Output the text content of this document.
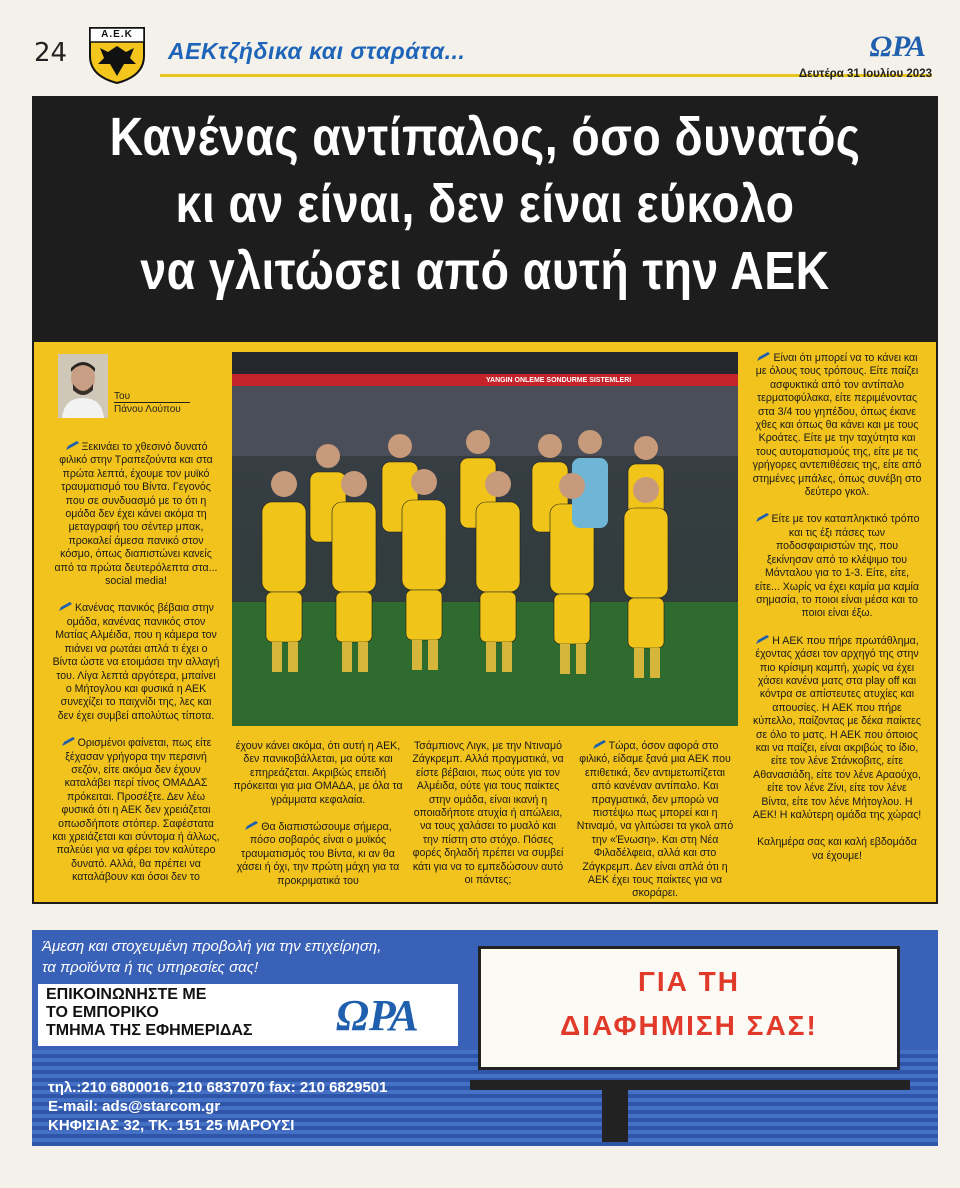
24
Α.Ε.Κ
ΑΕΚτζήδικα και σταράτα...	ΩΡΑ
Δευτέρα 31 Ιουλίου 2023
Κανένας αντίπαλος, όσο δυνατός
κι αν είναι, δεν είναι εύκολο
να γλιτώσει από αυτή την ΑΕΚ
Του
Πάνου Λούπου

Ξεκινάει το χθεσινό δυνατό φιλικό στην Τραπεζούντα και στα πρώτα λεπτά, έχουμε τον μυϊκό τραυματισμό του Βίντα. Γεγονός που σε συνδυασμό με το ότι η ομάδα δεν έχει κάνει ακόμα τη μεταγραφή του σέντερ μπακ, προκαλεί άμεσα πανικό στον κόσμο, όπως διαπιστώνει κανείς από τα πρώτα δευτερόλεπτα στα... social media!

Κανένας πανικός βέβαια στην ομάδα, κανένας πανικός στον Ματίας Αλμέιδα, που η κάμερα τον πιάνει να ρωτάει απλά τι έχει ο Βίντα ώστε να ετοιμάσει την αλλαγή του. Λίγα λεπτά αργότερα, μπαίνει ο Μήτογλου και φυσικά η ΑΕΚ συνεχίζει το παιχνίδι της, λες και δεν έχει συμβεί απολύτως τίποτα.

Ορισμένοι φαίνεται, πως είτε ξέχασαν γρήγορα την περσινή σεζόν, είτε ακόμα δεν έχουν καταλάβει περί τίνος ΟΜΑΔΑΣ πρόκειται. Προσέξτε. Δεν λέω φυσικά ότι η ΑΕΚ δεν χρειάζεται οπωσδήποτε στόπερ. Σαφέστατα και χρειάζεται και σύντομα ή άλλως, παλεύει για να φέρει τον καλύτερο δυνατό. Αλλά, θα πρέπει να καταλάβουν και όσοι δεν το

YANGIN ÖNLEME SÖNDÜRME SİSTEMLERİ

έχουν κάνει ακόμα, ότι αυτή η ΑΕΚ, δεν πανικοβάλλεται, μα ούτε και επηρεάζεται. Ακριβώς επειδή πρόκειται για μια ΟΜΑΔΑ, με όλα τα γράμματα κεφαλαία.

Θα διαπιστώσουμε σήμερα, πόσο σοβαρός είναι ο μυϊκός τραυματισμός του Βίντα, κι αν θα χάσει ή όχι, την πρώτη μάχη για τα προκριματικά του

Τσάμπιονς Λιγκ, με την Ντιναμό Ζάγκρεμπ. Αλλά πραγματικά, να είστε βέβαιοι, πως ούτε για τον Αλμέιδα, ούτε για τους παίκτες στην ομάδα, είναι ικανή η οποιαδήποτε ατυχία ή απώλεια, να τους χαλάσει το μυαλό και την πίστη στο στόχο. Πόσες φορές δηλαδή πρέπει να συμβεί κάτι για να το εμπεδώσουν αυτό οι πάντες;

Τώρα, όσον αφορά στο φιλικό, είδαμε ξανά μια ΑΕΚ που επιθετικά, δεν αντιμετωπίζεται από κανέναν αντίπαλο. Και πραγματικά, δεν μπορώ να πιστέψω πως μπορεί και η Ντιναμό, να γλιτώσει τα γκολ από την «Ένωση». Και στη Νέα Φιλαδέλφεια, αλλά και στο Ζάγκρεμπ. Δεν είναι απλά ότι η ΑΕΚ έχει τους παίκτες για να σκοράρει.

Είναι ότι μπορεί να το κάνει και με όλους τους τρόπους. Είτε παίζει ασφυκτικά από τον αντίπαλο τερματοφύλακα, είτε περιμένοντας στα 3/4 του γηπέδου, όπως έκανε χθες και όπως θα κάνει και με τους Κροάτες. Είτε με την ταχύτητα και τους αυτοματισμούς της, είτε με τις γρήγορες αντεπιθέσεις της, είτε από στημένες μπάλες, όπως συνέβη στο δεύτερο γκολ.

Είτε με τον καταπληκτικό τρόπο και τις έξι πάσες των ποδοσφαιριστών της, που ξεκίνησαν από το κλέψιμο του Μάνταλου για το 1-3. Είτε, είτε, είτε... Χωρίς να έχει καμία μα καμία σημασία, το ποιοι είναι μέσα και το ποιοι είναι έξω.

Η ΑΕΚ που πήρε πρωτάθλημα, έχοντας χάσει τον αρχηγό της στην πιο κρίσιμη καμπή, χωρίς να έχει χάσει κανένα ματς στα play off και κόντρα σε απίστευτες ατυχίες και απουσίες. Η ΑΕΚ που πήρε κύπελλο, παίζοντας με δέκα παίκτες σε όλο το ματς. Η ΑΕΚ που όποιος και να παίζει, είναι ακριβώς το ίδιο, είτε τον λένε Στάνκοβιτς, είτε Αθανασιάδη, είτε τον λένε Αραούχο, είτε τον λένε Ζίνι, είτε τον λένε Βίντα, είτε τον λένε Μήτογλου. Η ΑΕΚ! Η καλύτερη ομάδα της χώρας!

Καλημέρα σας και καλή εβδομάδα να έχουμε!

Άμεση και στοχευμένη προβολή για την επιχείρηση,
τα προϊόντα ή τις υπηρεσίες σας!
ΕΠΙΚΟΙΝΩΝΗΣΤΕ ΜΕ
ΤΟ ΕΜΠΟΡΙΚΟ
ΤΜΗΜΑ ΤΗΣ ΕΦΗΜΕΡΙΔΑΣ ΩΡΑ
τηλ.:210 6800016, 210 6837070 fax: 210 6829501
E-mail: ads@starcom.gr
ΚΗΦΙΣΙΑΣ 32, ΤΚ. 151 25 ΜΑΡΟΥΣΙ
ΓΙΑ ΤΗ
ΔΙΑΦΗΜΙΣΗ ΣΑΣ!
